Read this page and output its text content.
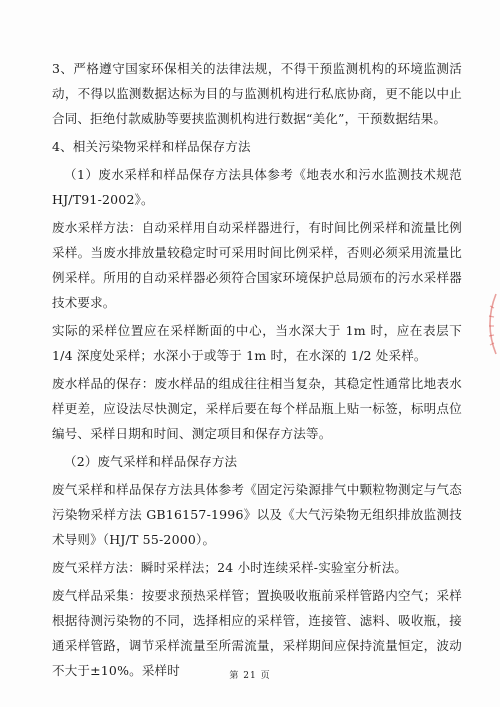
3、严格遵守国家环保相关的法律法规，不得干预监测机构的环境监测活动，不得以监测数据达标为目的与监测机构进行私底协商，更不能以中止合同、拒绝付款威胁等要挟监测机构进行数据“美化”，干预数据结果。

4、相关污染物采样和样品保存方法

（1）废水采样和样品保存方法具体参考《地表水和污水监测技术规范 HJ/T91-2002》。

废水采样方法：自动采样用自动采样器进行，有时间比例采样和流量比例采样。当废水排放量较稳定时可采用时间比例采样，否则必须采用流量比例采样。所用的自动采样器必须符合国家环境保护总局颁布的污水采样器技术要求。

实际的采样位置应在采样断面的中心，当水深大于 1m 时，应在表层下 1/4 深度处采样；水深小于或等于 1m 时，在水深的 1/2 处采样。

废水样品的保存：废水样品的组成往往相当复杂，其稳定性通常比地表水样更差，应设法尽快测定，采样后要在每个样品瓶上贴一标签，标明点位编号、采样日期和时间、测定项目和保存方法等。

（2）废气采样和样品保存方法

废气采样和样品保存方法具体参考《固定污染源排气中颗粒物测定与气态污染物采样方法 GB16157-1996》以及《大气污染物无组织排放监测技术导则》（HJ/T 55-2000）。

废气采样方法：瞬时采样法；24 小时连续采样-实验室分析法。

废气样品采集：按要求预热采样管；置换吸收瓶前采样管路内空气；采样根据待测污染物的不同，选择相应的采样管，连接管、滤料、吸收瓶，接通采样管路，调节采样流量至所需流量，采样期间应保持流量恒定，波动不大于±10%。采样时	第 21 页
